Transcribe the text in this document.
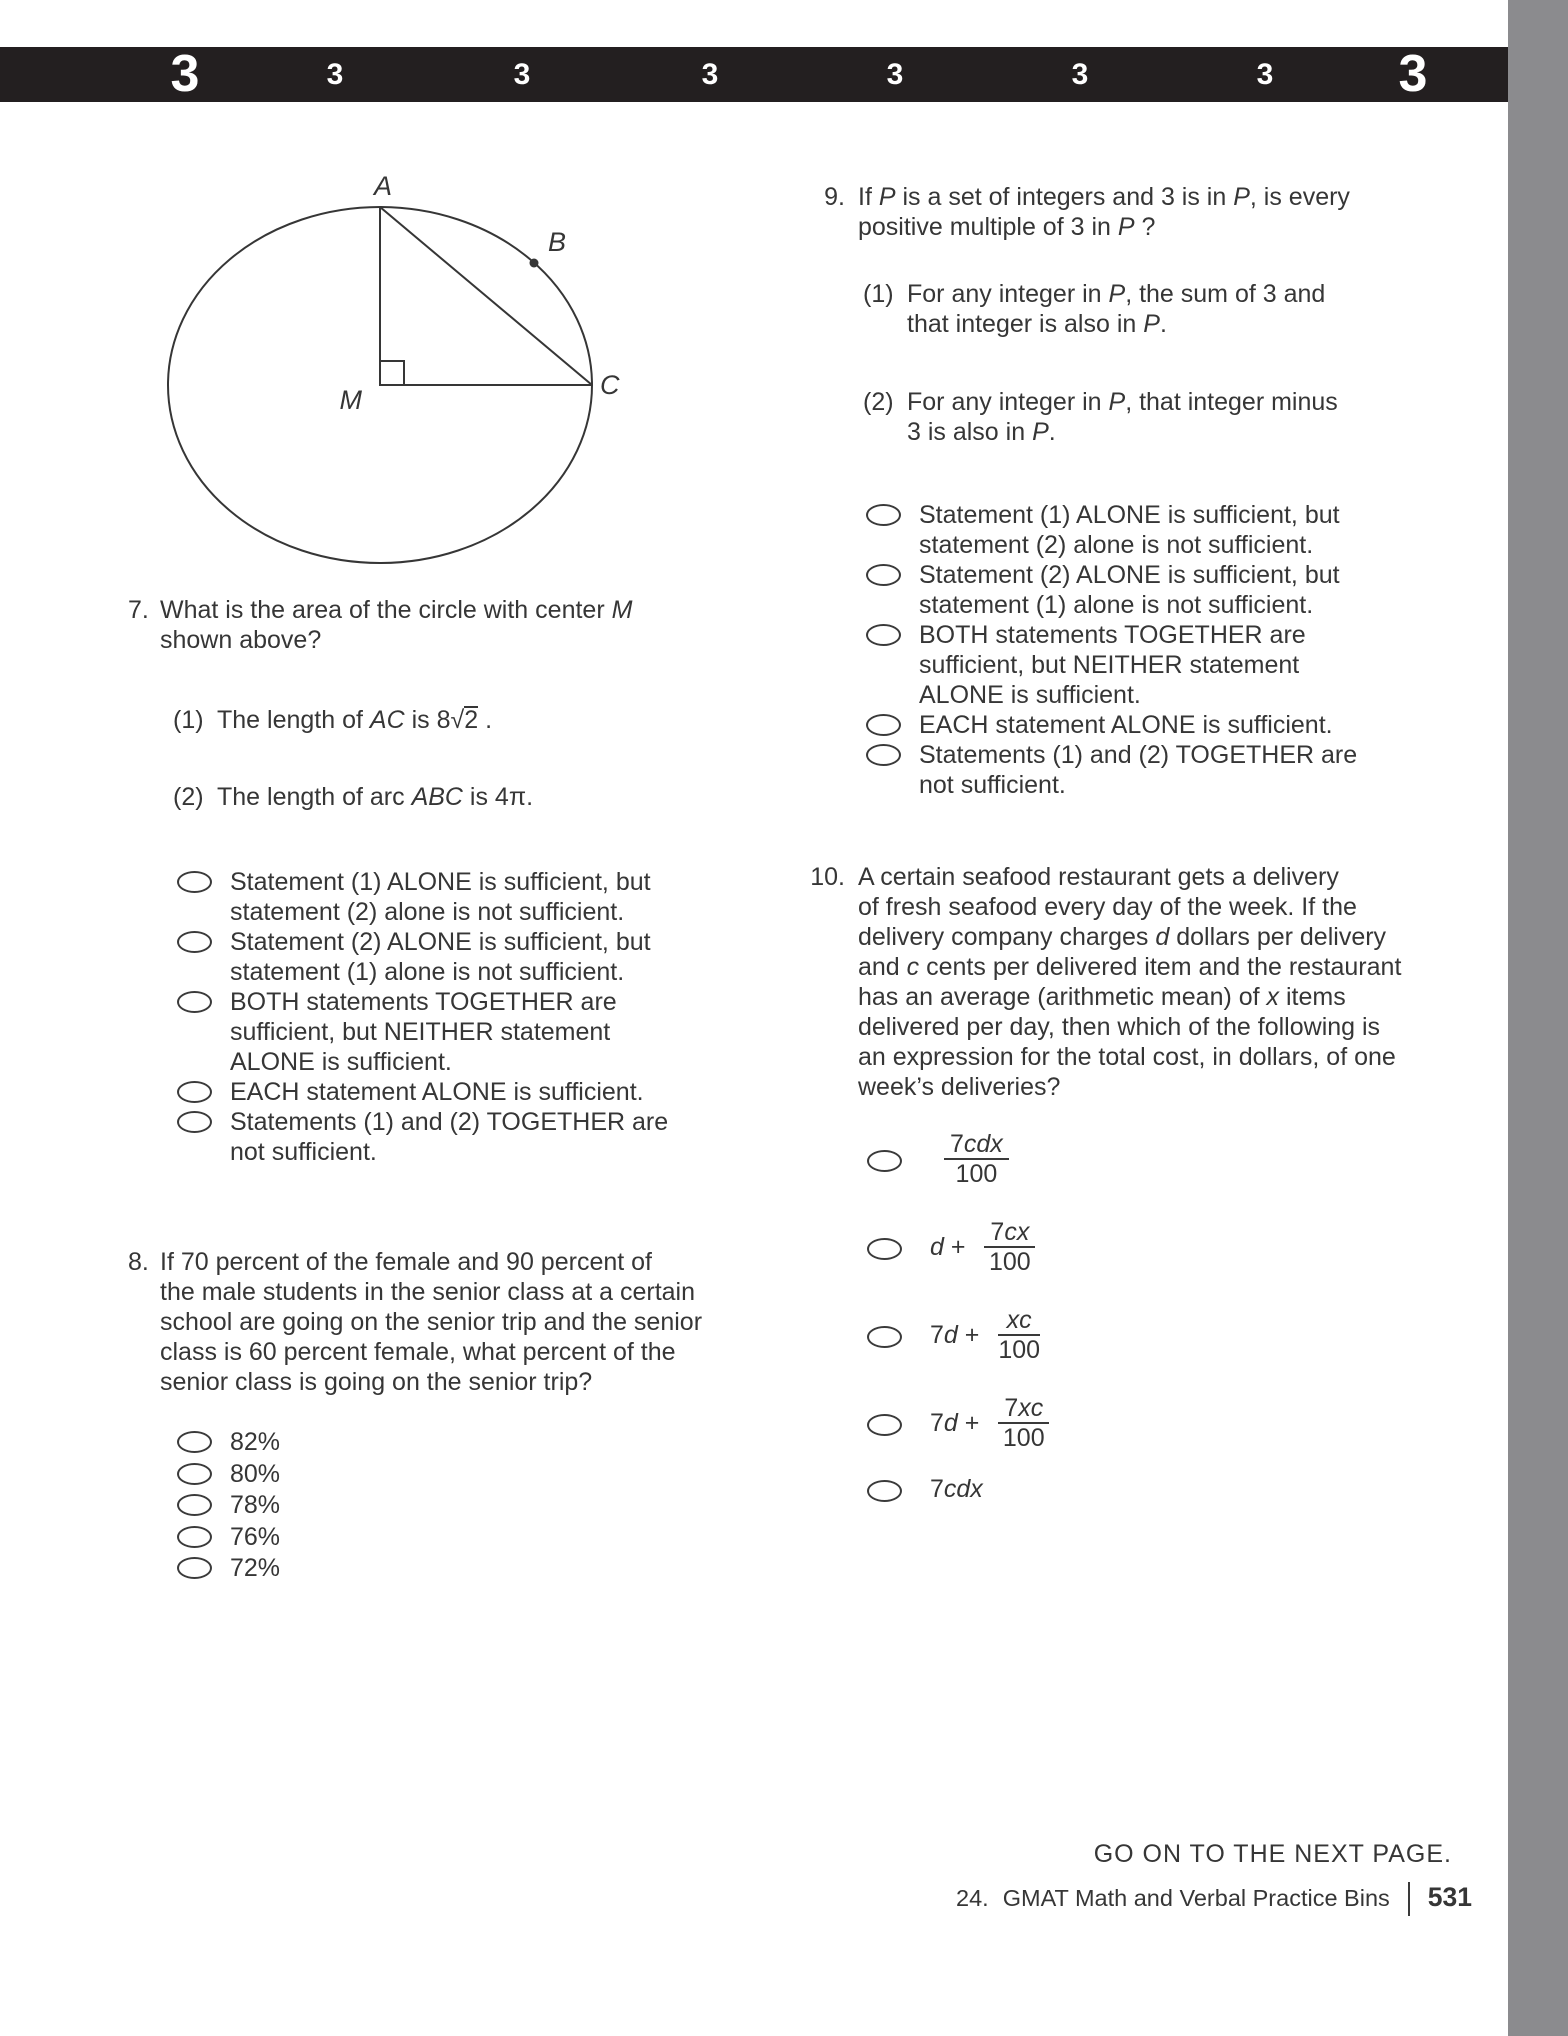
3	3	3	3	3	3	3 3
A
B
C
M
7. What is the area of the circle with center M
shown above?
(1) The length of AC is 8√2 .
(2) The length of arc ABC is 4π.
Statement (1) ALONE is sufficient, but
statement (2) alone is not sufficient.
Statement (2) ALONE is sufficient, but
statement (1) alone is not sufficient.
BOTH statements TOGETHER are
sufficient, but NEITHER statement
ALONE is sufficient.
EACH statement ALONE is sufficient.
Statements (1) and (2) TOGETHER are
not sufficient.
8. If 70 percent of the female and 90 percent of
the male students in the senior class at a certain
school are going on the senior trip and the senior
class is 60 percent female, what percent of the
senior class is going on the senior trip?
82%
80%
78%
76%
72%
9. If P is a set of integers and 3 is in P, is every
positive multiple of 3 in P ?
(1) For any integer in P, the sum of 3 and
that integer is also in P.
(2) For any integer in P, that integer minus
3 is also in P.
Statement (1) ALONE is sufficient, but
statement (2) alone is not sufficient.
Statement (2) ALONE is sufficient, but
statement (1) alone is not sufficient.
BOTH statements TOGETHER are
sufficient, but NEITHER statement
ALONE is sufficient.
EACH statement ALONE is sufficient.
Statements (1) and (2) TOGETHER are
not sufficient.
10. A certain seafood restaurant gets a delivery
of fresh seafood every day of the week. If the
delivery company charges d dollars per delivery
and c cents per delivered item and the restaurant
has an average (arithmetic mean) of x items
delivered per day, then which of the following is
an expression for the total cost, in dollars, of one
week’s deliveries?
$\frac{\text{7cdx}}{100}$
$d + \frac{7cx}{100}$
$7d + \frac{xc}{100}$
$7d + \frac{7xc}{100}$
7cdx
GO ON TO THE NEXT PAGE.
24. GMAT Math and Verbal Practice Bins 531
